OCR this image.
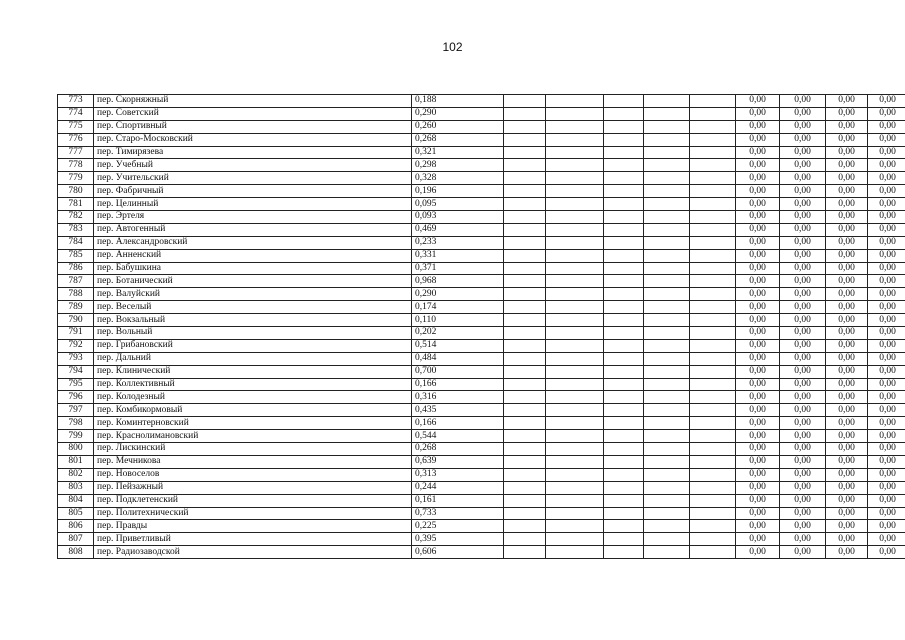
102
773	пер. Скорняжный	0,188						0,00	0,00	0,00	0,00
774	пер. Советский	0,290						0,00	0,00	0,00	0,00
775	пер. Спортивный	0,260						0,00	0,00	0,00	0,00
776	пер. Старо-Московский	0,268						0,00	0,00	0,00	0,00
777	пер. Тимирязева	0,321						0,00	0,00	0,00	0,00
778	пер. Учебный	0,298						0,00	0,00	0,00	0,00
779	пер. Учительский	0,328						0,00	0,00	0,00	0,00
780	пер. Фабричный	0,196						0,00	0,00	0,00	0,00
781	пер. Целинный	0,095						0,00	0,00	0,00	0,00
782	пер. Эртеля	0,093						0,00	0,00	0,00	0,00
783	пер. Автогенный	0,469						0,00	0,00	0,00	0,00
784	пер. Александровский	0,233						0,00	0,00	0,00	0,00
785	пер. Анненский	0,331						0,00	0,00	0,00	0,00
786	пер. Бабушкина	0,371						0,00	0,00	0,00	0,00
787	пер. Ботанический	0,968						0,00	0,00	0,00	0,00
788	пер. Валуйский	0,290						0,00	0,00	0,00	0,00
789	пер. Веселый	0,174						0,00	0,00	0,00	0,00
790	пер. Вокзальный	0,110						0,00	0,00	0,00	0,00
791	пер. Вольный	0,202						0,00	0,00	0,00	0,00
792	пер. Грибановский	0,514						0,00	0,00	0,00	0,00
793	пер. Дальний	0,484						0,00	0,00	0,00	0,00
794	пер. Клинический	0,700						0,00	0,00	0,00	0,00
795	пер. Коллективный	0,166						0,00	0,00	0,00	0,00
796	пер. Колодезный	0,316						0,00	0,00	0,00	0,00
797	пер. Комбикормовый	0,435						0,00	0,00	0,00	0,00
798	пер. Коминтерновский	0,166						0,00	0,00	0,00	0,00
799	пер. Краснолимановский	0,544						0,00	0,00	0,00	0,00
800	пер. Лискинский	0,268						0,00	0,00	0,00	0,00
801	пер. Мечникова	0,639						0,00	0,00	0,00	0,00
802	пер. Новоселов	0,313						0,00	0,00	0,00	0,00
803	пер. Пейзажный	0,244						0,00	0,00	0,00	0,00
804	пер. Подклетенский	0,161						0,00	0,00	0,00	0,00
805	пер. Политехнический	0,733						0,00	0,00	0,00	0,00
806	пер. Правды	0,225						0,00	0,00	0,00	0,00
807	пер. Приветливый	0,395						0,00	0,00	0,00	0,00
808	пер. Радиозаводской	0,606						0,00	0,00	0,00	0,00
